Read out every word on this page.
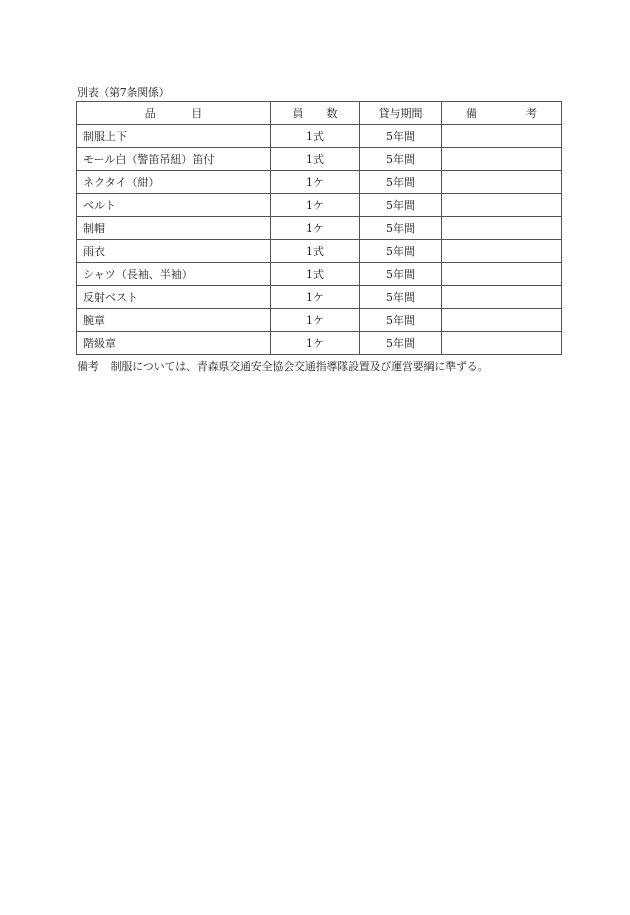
別表（第7条関係）
品 目	員 数	貸与期間	備 考

制服上下	1式	5年間	
モール白（警笛吊紐）笛付	1式	5年間	
ネクタイ（紺）	1ケ	5年間	
ベルト	1ケ	5年間	
制帽	1ケ	5年間	
雨衣	1式	5年間	
シャツ（長袖、半袖）	1式	5年間	
反射ベスト	1ケ	5年間	
腕章	1ケ	5年間	
階級章	1ケ	5年間	
備考 制服については、青森県交通安全協会交通指導隊設置及び運営要綱に準ずる。
